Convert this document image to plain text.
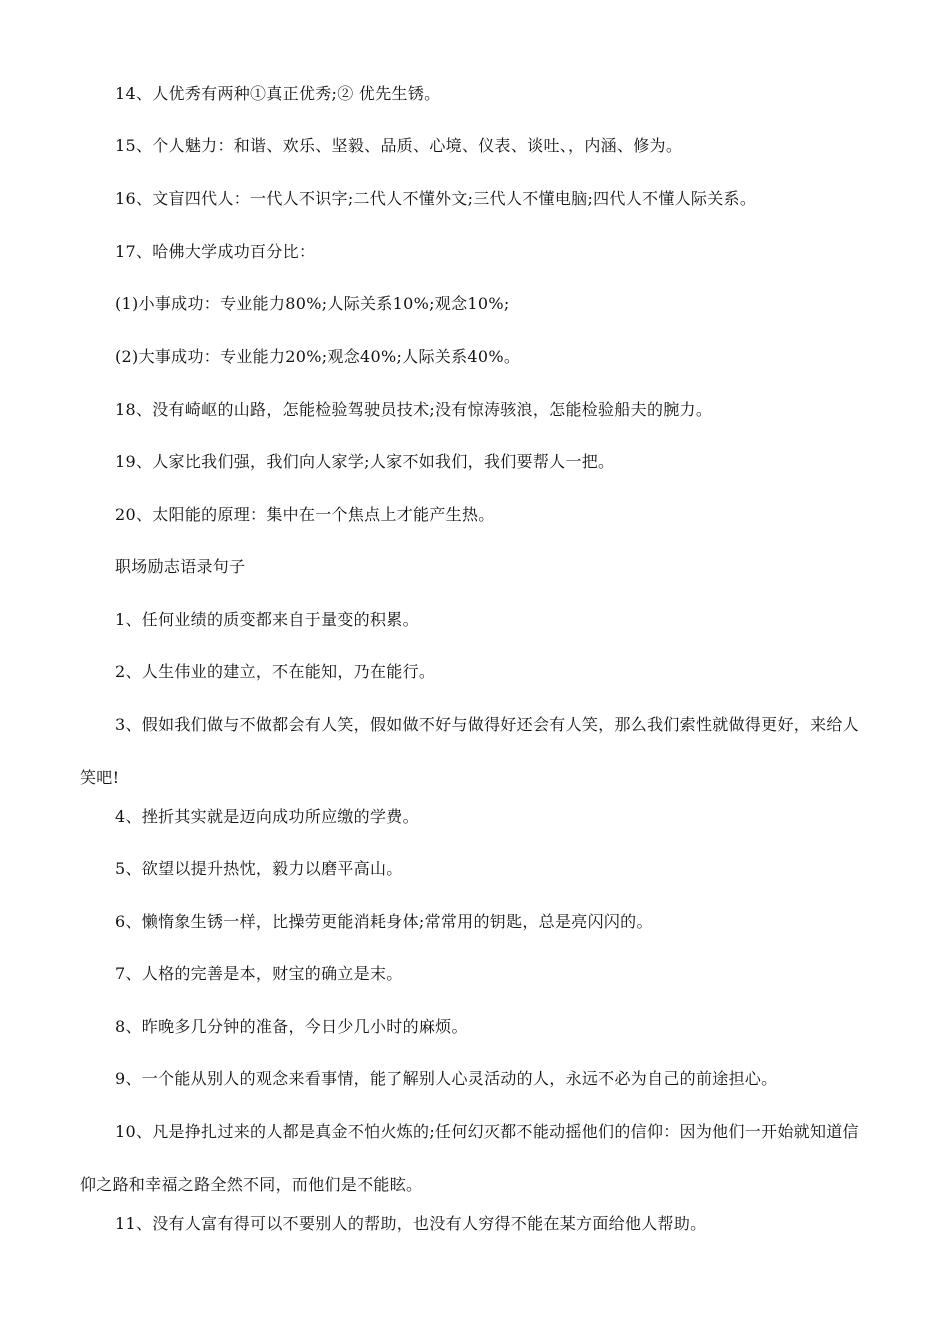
14、人优秀有两种①真正优秀;② 优先生锈。

15、个人魅力：和谐、欢乐、坚毅、品质、心境、仪表、谈吐、，内涵、修为。

16、文盲四代人：一代人不识字;二代人不懂外文;三代人不懂电脑;四代人不懂人际关系。

17、哈佛大学成功百分比：

(1)小事成功：专业能力80%;人际关系10%;观念10%;

(2)大事成功：专业能力20%;观念40%;人际关系40%。

18、没有崎岖的山路，怎能检验驾驶员技术;没有惊涛骇浪，怎能检验船夫的腕力。

19、人家比我们强，我们向人家学;人家不如我们，我们要帮人一把。

20、太阳能的原理：集中在一个焦点上才能产生热。

职场励志语录句子

1、任何业绩的质变都来自于量变的积累。

2、人生伟业的建立，不在能知，乃在能行。

3、假如我们做与不做都会有人笑，假如做不好与做得好还会有人笑，那么我们索性就做得更好，来给人笑吧!

4、挫折其实就是迈向成功所应缴的学费。

5、欲望以提升热忱，毅力以磨平高山。

6、懒惰象生锈一样，比操劳更能消耗身体;常常用的钥匙，总是亮闪闪的。

7、人格的完善是本，财宝的确立是末。

8、昨晚多几分钟的准备，今日少几小时的麻烦。

9、一个能从别人的观念来看事情，能了解别人心灵活动的人，永远不必为自己的前途担心。

10、凡是挣扎过来的人都是真金不怕火炼的;任何幻灭都不能动摇他们的信仰：因为他们一开始就知道信仰之路和幸福之路全然不同，而他们是不能眩。

11、没有人富有得可以不要别人的帮助，也没有人穷得不能在某方面给他人帮助。
